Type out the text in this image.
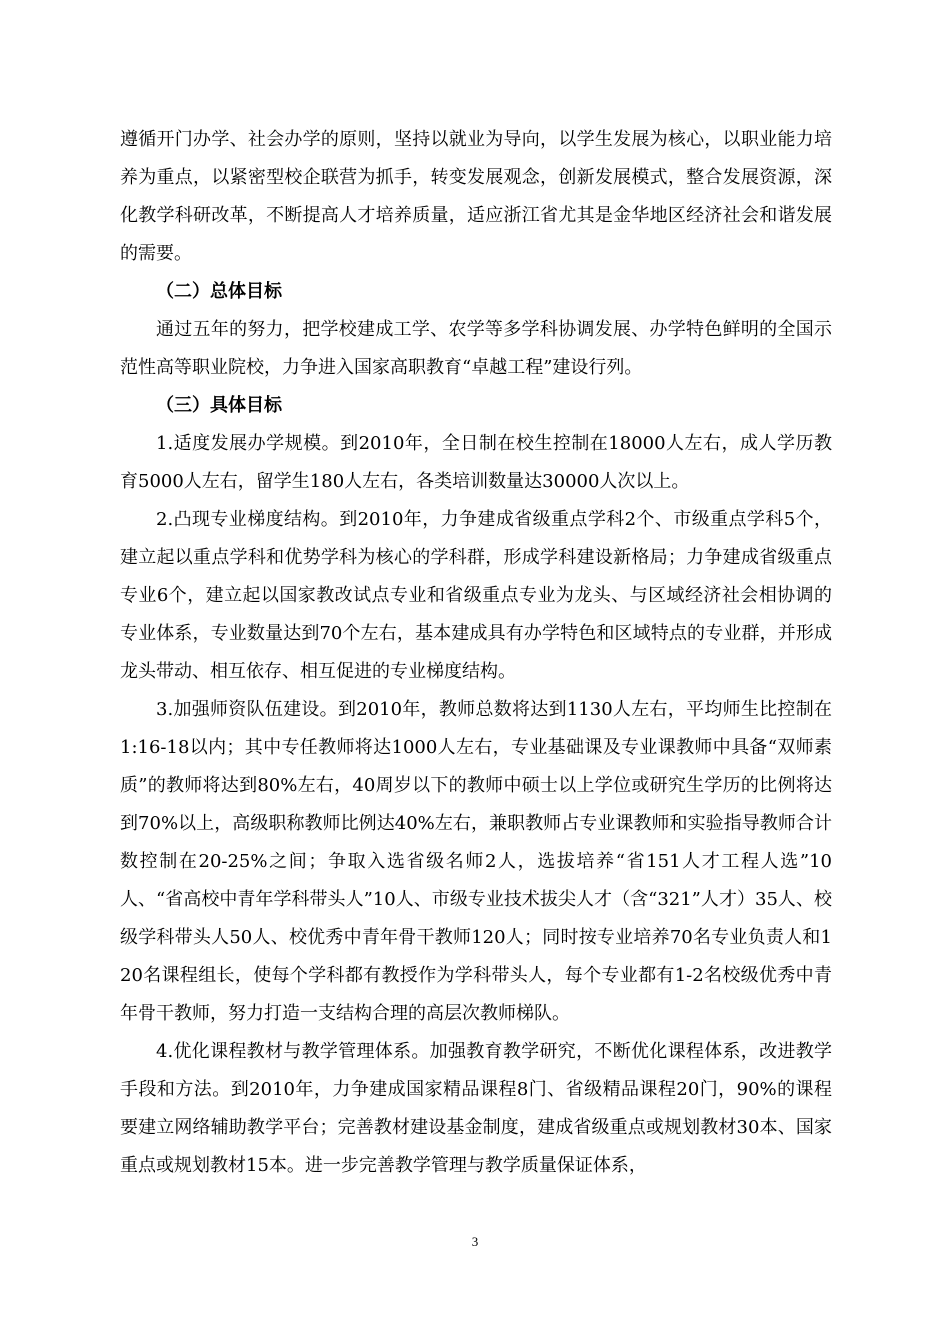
遵循开门办学、社会办学的原则，坚持以就业为导向，以学生发展为核心，以职业能力培养为重点，以紧密型校企联营为抓手，转变发展观念，创新发展模式，整合发展资源，深化教学科研改革，不断提高人才培养质量，适应浙江省尤其是金华地区经济社会和谐发展的需要。

（二）总体目标

通过五年的努力，把学校建成工学、农学等多学科协调发展、办学特色鲜明的全国示范性高等职业院校，力争进入国家高职教育“卓越工程”建设行列。

（三）具体目标

1.适度发展办学规模。到2010年，全日制在校生控制在18000人左右，成人学历教育5000人左右，留学生180人左右，各类培训数量达30000人次以上。

2.凸现专业梯度结构。到2010年，力争建成省级重点学科2个、市级重点学科5个，建立起以重点学科和优势学科为核心的学科群，形成学科建设新格局；力争建成省级重点专业6个，建立起以国家教改试点专业和省级重点专业为龙头、与区域经济社会相协调的专业体系，专业数量达到70个左右，基本建成具有办学特色和区域特点的专业群，并形成龙头带动、相互依存、相互促进的专业梯度结构。

3.加强师资队伍建设。到2010年，教师总数将达到1130人左右，平均师生比控制在1:16-18以内；其中专任教师将达1000人左右，专业基础课及专业课教师中具备“双师素质”的教师将达到80%左右，40周岁以下的教师中硕士以上学位或研究生学历的比例将达到70%以上，高级职称教师比例达40%左右，兼职教师占专业课教师和实验指导教师合计数控制在20-25%之间；争取入选省级名师2人，选拔培养“省151人才工程人选”10人、“省高校中青年学科带头人”10人、市级专业技术拔尖人才（含“321”人才）35人、校级学科带头人50人、校优秀中青年骨干教师120人；同时按专业培养70名专业负责人和120名课程组长，使每个学科都有教授作为学科带头人，每个专业都有1-2名校级优秀中青年骨干教师，努力打造一支结构合理的高层次教师梯队。

4.优化课程教材与教学管理体系。加强教育教学研究，不断优化课程体系，改进教学手段和方法。到2010年，力争建成国家精品课程8门、省级精品课程20门，90%的课程要建立网络辅助教学平台；完善教材建设基金制度，建成省级重点或规划教材30本、国家重点或规划教材15本。进一步完善教学管理与教学质量保证体系，

3
